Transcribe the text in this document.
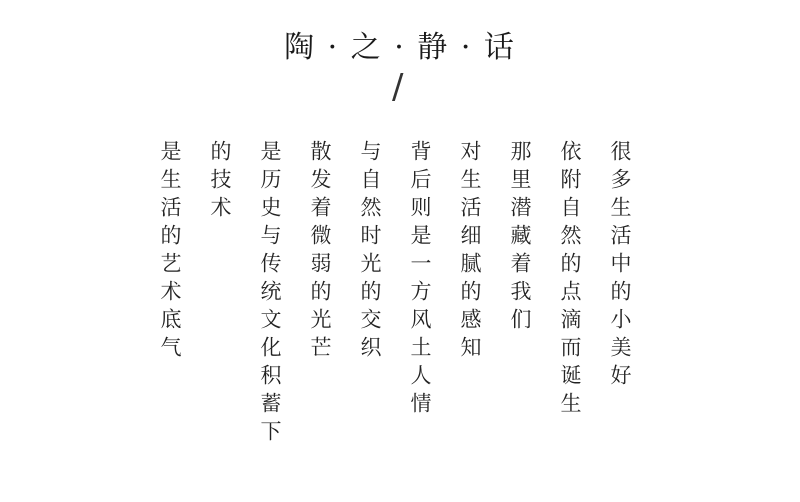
陶 · 之 · 静 · 话
/
很多生活中的小美好
依附自然的点滴而诞生
那里潜藏着我们
对生活细腻的感知
背后则是一方风土人情
与自然时光的交织
散发着微弱的光芒
是历史与传统文化积蓄下
的技术
是生活的艺术底气
